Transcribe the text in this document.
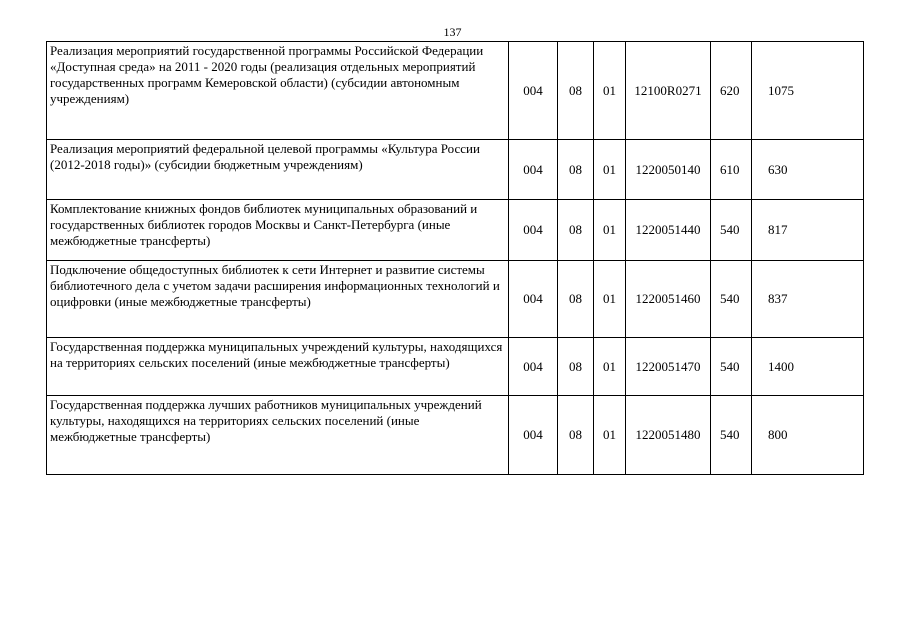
137
Реализация мероприятий государственной программы Российской Федерации «Доступная среда» на 2011 - 2020 годы (реализация отдельных мероприятий государственных программ Кемеровской области) (субсидии автономным учреждениям)	004	08	01	12100R0271	620	1075
Реализация мероприятий федеральной целевой программы «Культура России (2012-2018 годы)» (субсидии бюджетным учреждениям)	004	08	01	1220050140	610	630
Комплектование книжных фондов библиотек муниципальных образований и государственных библиотек городов Москвы и Санкт-Петербурга (иные межбюджетные трансферты)	004	08	01	1220051440	540	817
Подключение общедоступных библиотек к сети Интернет и развитие системы библиотечного дела с учетом задачи расширения информационных технологий и оцифровки (иные межбюджетные трансферты)	004	08	01	1220051460	540	837
Государственная поддержка муниципальных учреждений культуры, находящихся на территориях сельских поселений (иные межбюджетные трансферты)	004	08	01	1220051470	540	1400
Государственная поддержка лучших работников муниципальных учреждений культуры, находящихся на территориях сельских поселений (иные межбюджетные трансферты)	004	08	01	1220051480	540	800
